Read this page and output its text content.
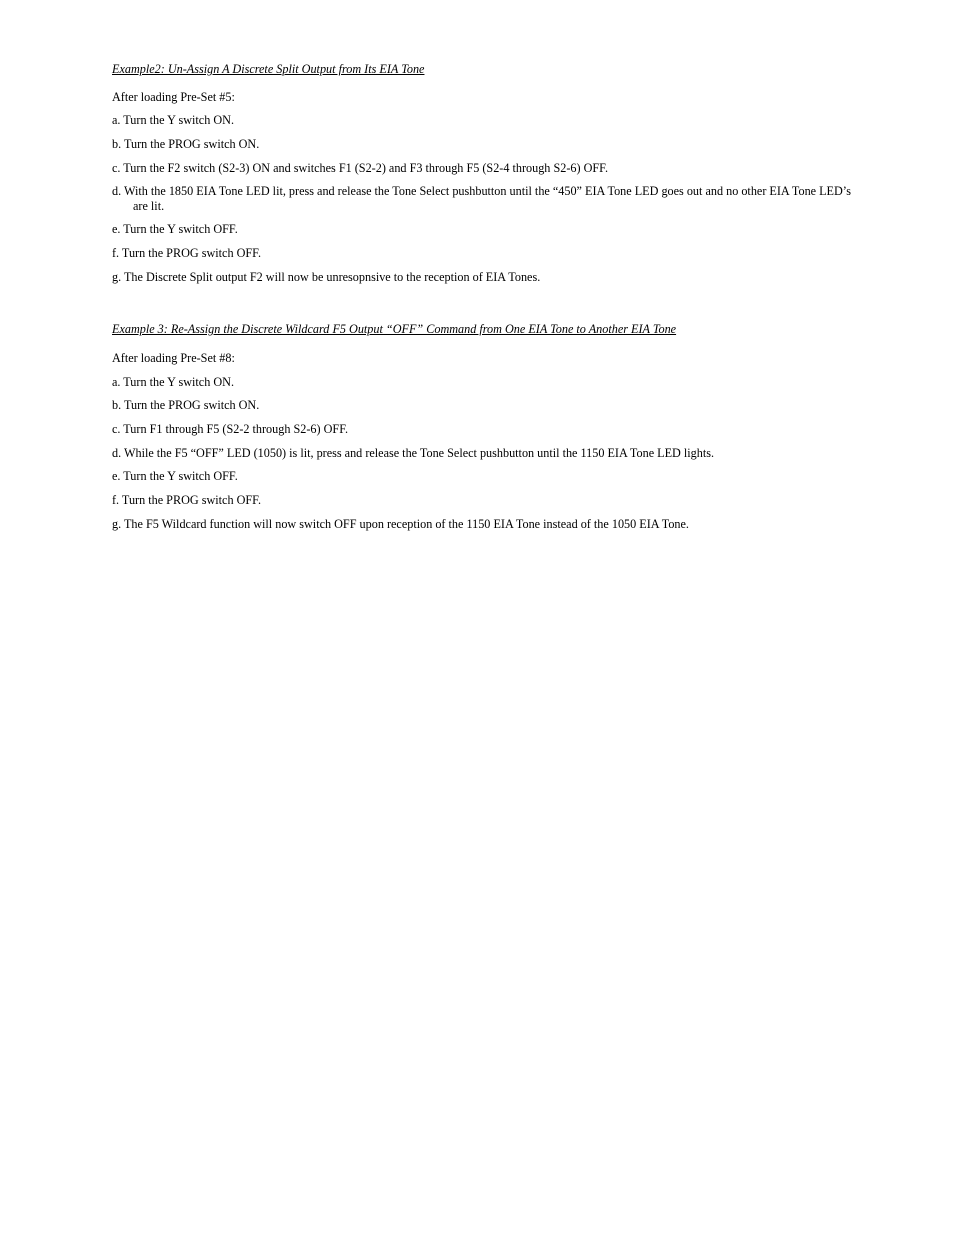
Example2: Un-Assign A Discrete Split Output from Its EIA Tone
After loading Pre-Set #5:
a. Turn the Y switch ON.
b. Turn the PROG switch ON.
c. Turn the F2 switch (S2-3) ON and switches F1 (S2-2) and F3 through F5 (S2-4 through S2-6) OFF.
d. With the 1850 EIA Tone LED lit, press and release the Tone Select pushbutton until the “450” EIA Tone LED goes out and no other EIA Tone LED’s are lit.
e. Turn the Y switch OFF.
f. Turn the PROG switch OFF.
g. The Discrete Split output F2 will now be unresopnsive to the reception of EIA Tones.
Example 3: Re-Assign the Discrete Wildcard F5 Output “OFF” Command from One EIA Tone to Another EIA Tone
After loading Pre-Set #8:
a. Turn the Y switch ON.
b. Turn the PROG switch ON.
c. Turn F1 through F5 (S2-2 through S2-6) OFF.
d. While the F5 “OFF” LED (1050) is lit, press and release the Tone Select pushbutton until the 1150 EIA Tone LED lights.
e. Turn the Y switch OFF.
f. Turn the PROG switch OFF.
g. The F5 Wildcard function will now switch OFF upon reception of the 1150 EIA Tone instead of the 1050 EIA Tone.
